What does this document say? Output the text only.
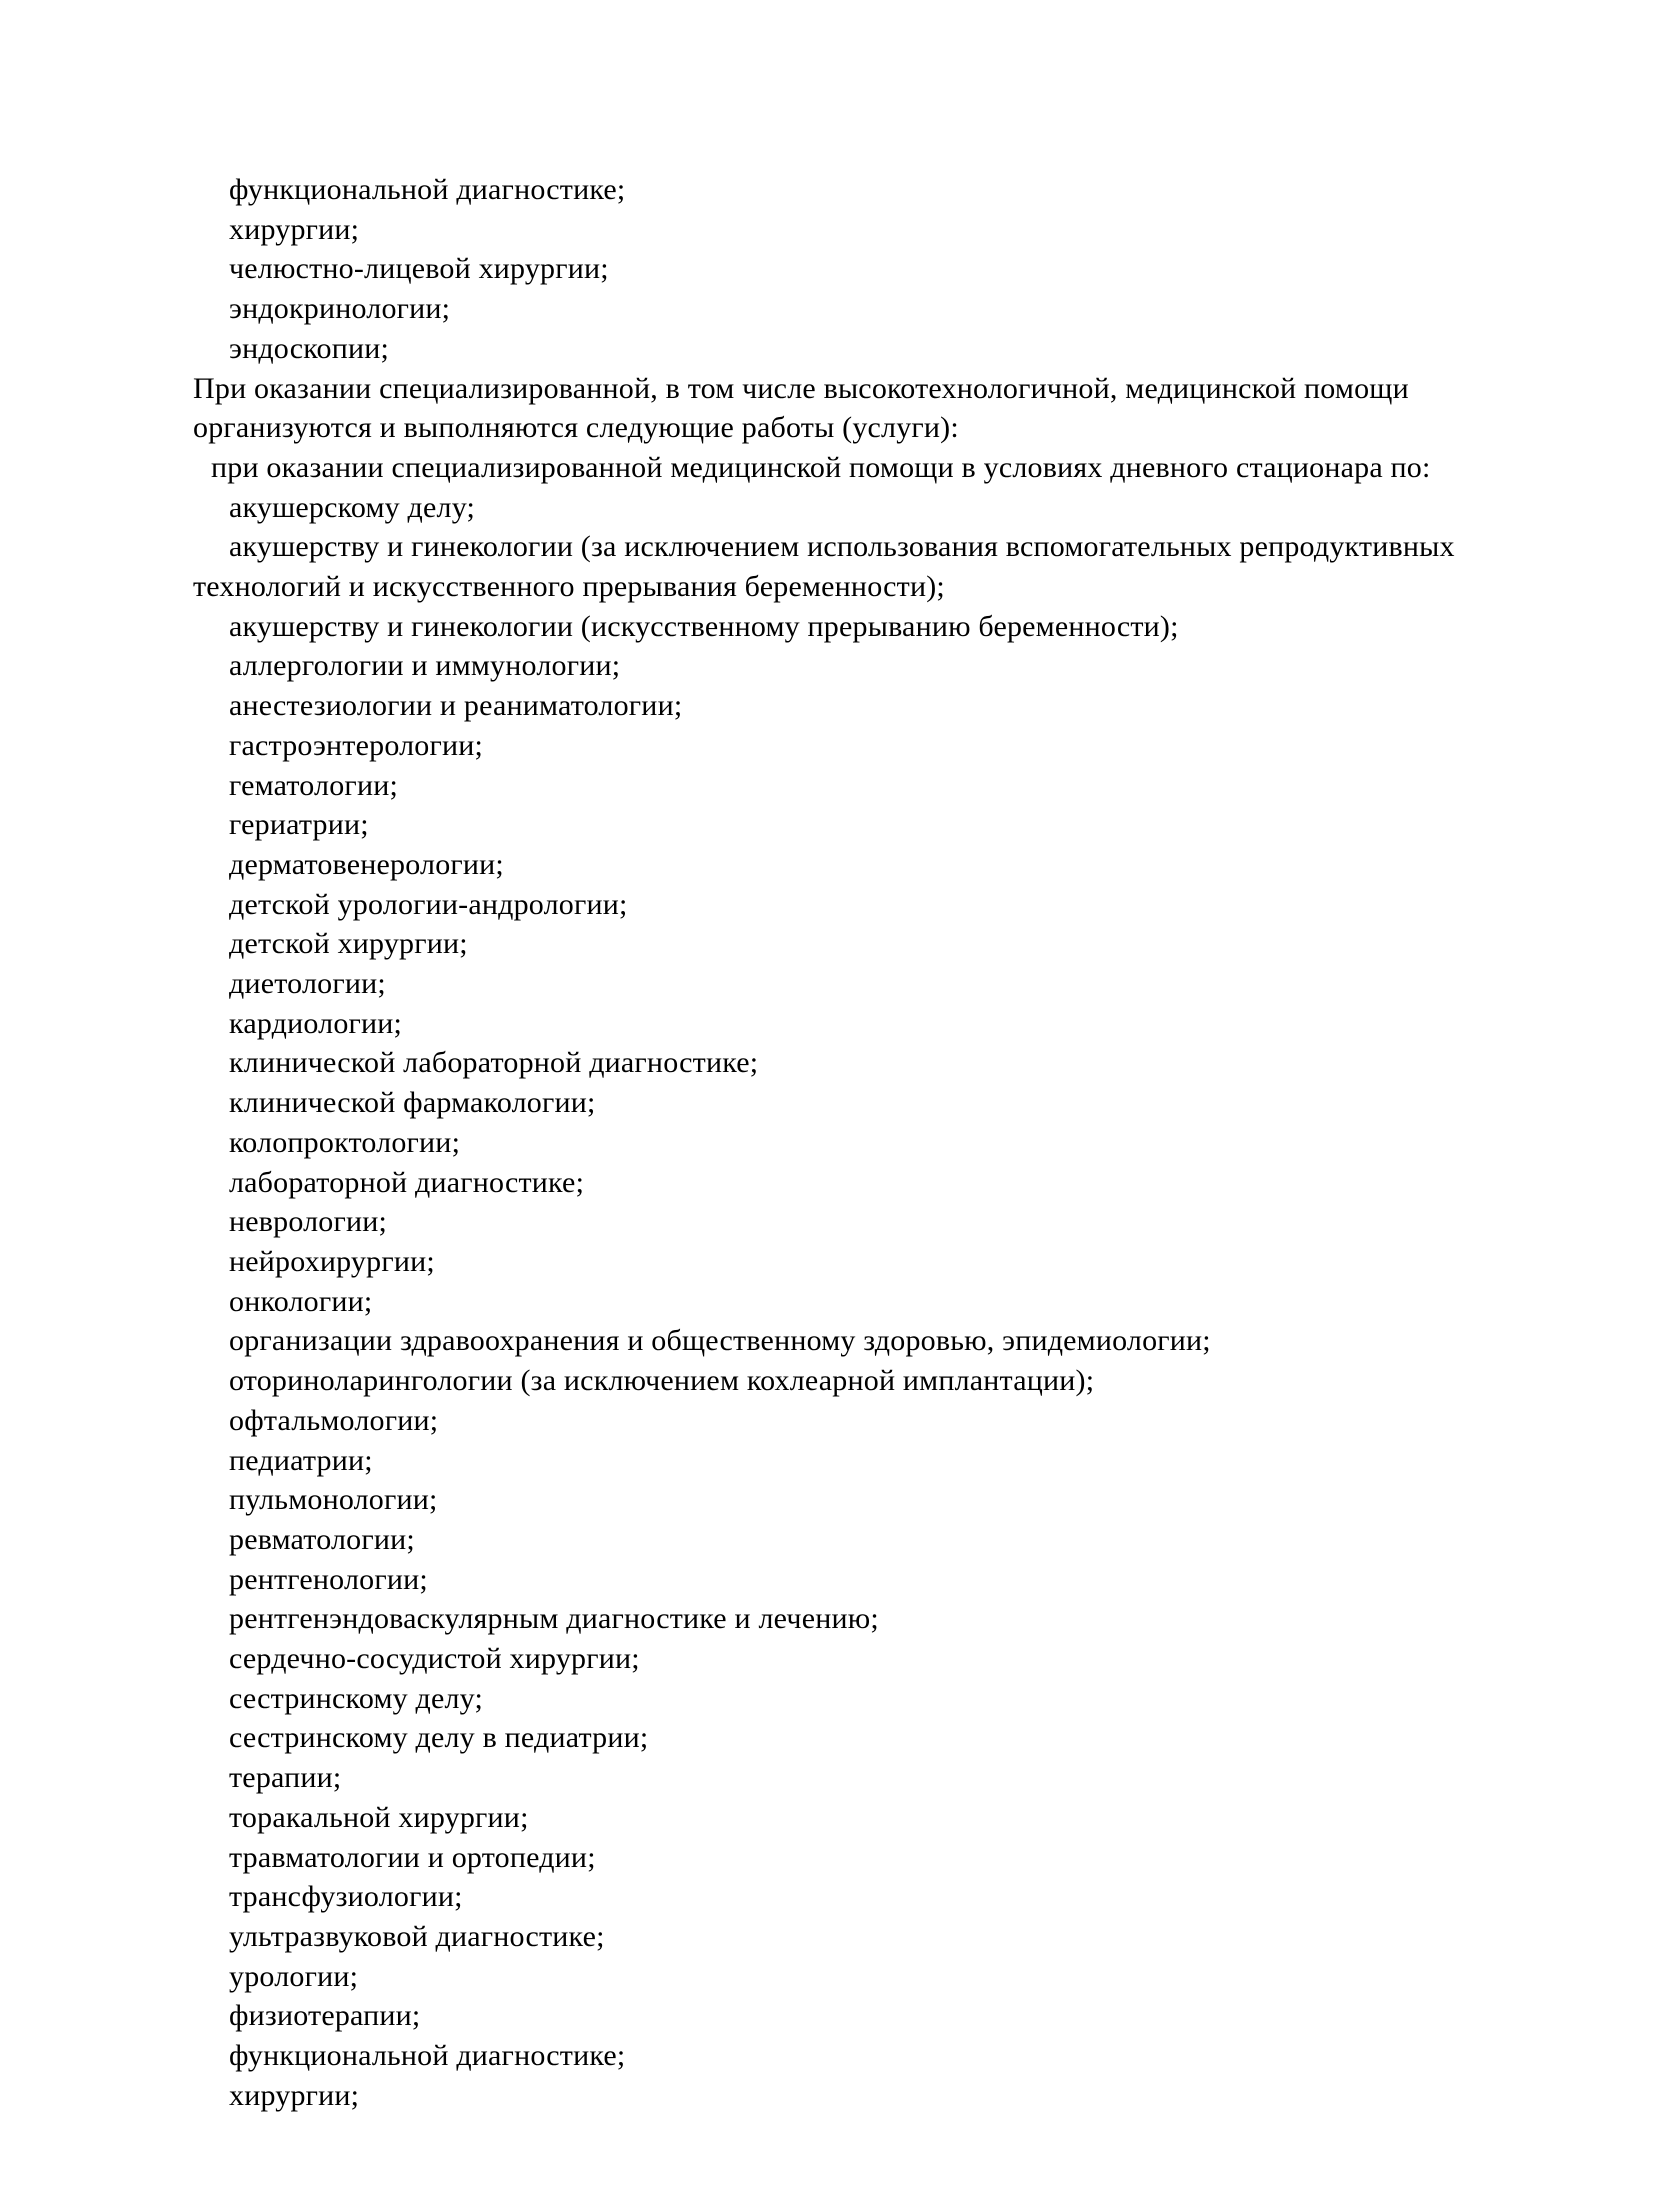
функциональной диагностике;
хирургии;
челюстно-лицевой хирургии;
эндокринологии;
эндоскопии;
При оказании специализированной, в том числе высокотехнологичной, медицинской помощи
организуются и выполняются следующие работы (услуги):
при оказании специализированной медицинской помощи в условиях дневного стационара по:
акушерскому делу;
акушерству и гинекологии (за исключением использования вспомогательных репродуктивных
технологий и искусственного прерывания беременности);
акушерству и гинекологии (искусственному прерыванию беременности);
аллергологии и иммунологии;
анестезиологии и реаниматологии;
гастроэнтерологии;
гематологии;
гериатрии;
дерматовенерологии;
детской урологии-андрологии;
детской хирургии;
диетологии;
кардиологии;
клинической лабораторной диагностике;
клинической фармакологии;
колопроктологии;
лабораторной диагностике;
неврологии;
нейрохирургии;
онкологии;
организации здравоохранения и общественному здоровью, эпидемиологии;
оториноларингологии (за исключением кохлеарной имплантации);
офтальмологии;
педиатрии;
пульмонологии;
ревматологии;
рентгенологии;
рентгенэндоваскулярным диагностике и лечению;
сердечно-сосудистой хирургии;
сестринскому делу;
сестринскому делу в педиатрии;
терапии;
торакальной хирургии;
травматологии и ортопедии;
трансфузиологии;
ультразвуковой диагностике;
урологии;
физиотерапии;
функциональной диагностике;
хирургии;
